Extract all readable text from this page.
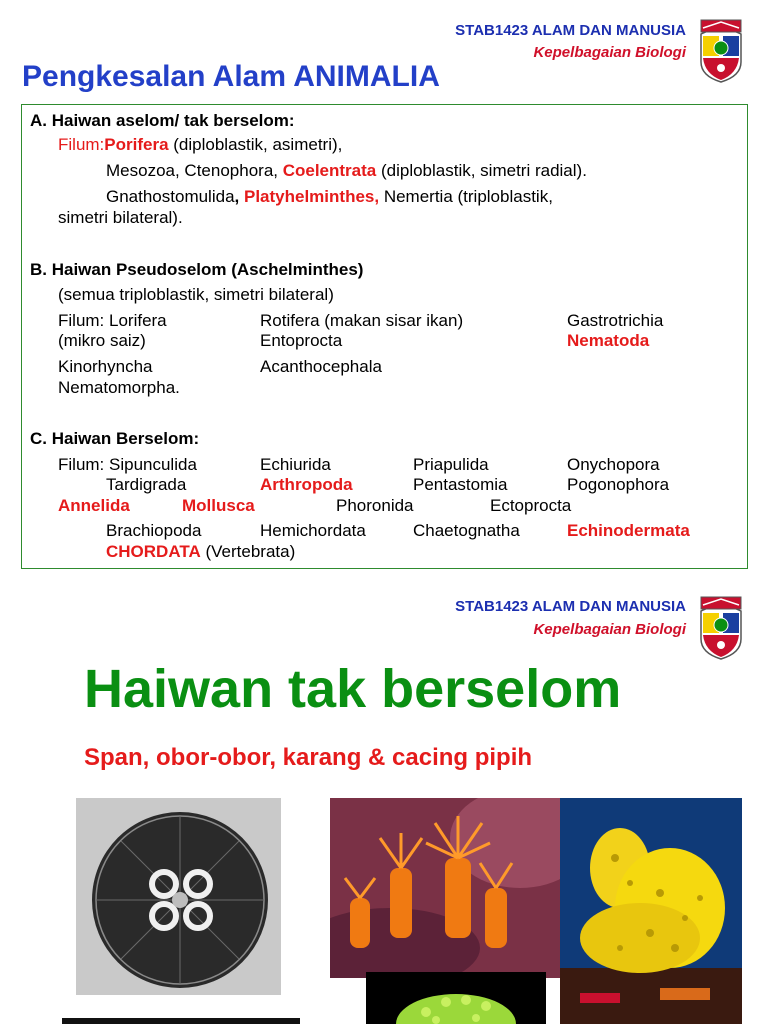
STAB1423 ALAM DAN MANUSIA
Kepelbagaian Biologi
Pengkesalan Alam ANIMALIA
A. Haiwan aselom/ tak berselom:
Filum:Porifera (diploblastik, asimetri),
Mesozoa, Ctenophora, Coelentrata (diploblastik, simetri radial).
Gnathostomulida, Platyhelminthes, Nemertia (triploblastik,
simetri bilateral).
B. Haiwan Pseudoselom (Aschelminthes)
(semua triploblastik, simetri bilateral)
Filum: Lorifera	Rotifera (makan sisar ikan)	Gastrotrichia
(mikro saiz)	Entoprocta	Nematoda
Kinorhyncha	Acanthocephala
Nematomorpha.
C. Haiwan Berselom:
Filum: Sipunculida	Echiurida	Priapulida	Onychopora
Tardigrada	Arthropoda	Pentastomia	Pogonophora
Annelida	Mollusca	Phoronida	Ectoprocta
Brachiopoda	Hemichordata	Chaetognatha	Echinodermata
CHORDATA (Vertebrata)
STAB1423 ALAM DAN MANUSIA
Kepelbagaian Biologi
Haiwan tak berselom
Span, obor-obor, karang & cacing pipih
